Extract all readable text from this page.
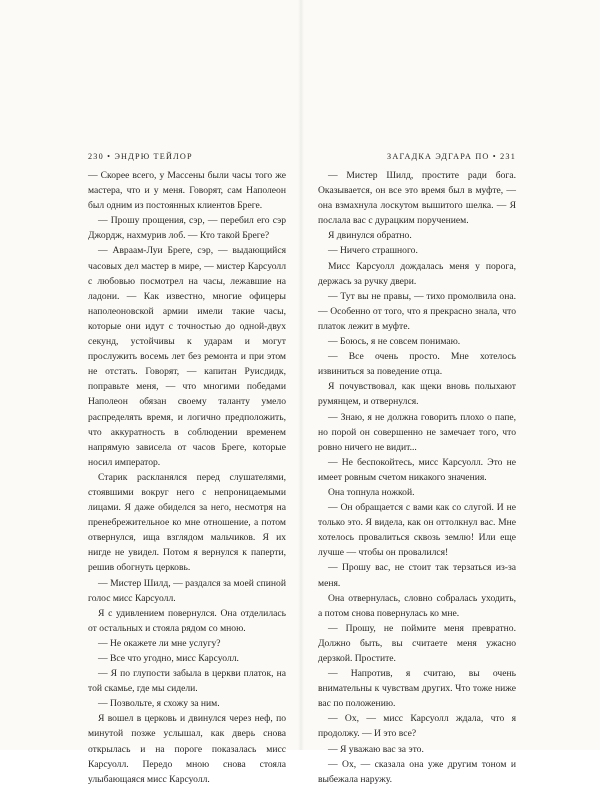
230 • ЭНДРЮ ТЕЙЛОР

— Скорее всего, у Массены были часы того же мастера, что и у меня. Говорят, сам Наполеон был одним из постоянных клиентов Бреге.

— Прошу прощения, сэр, — перебил его сэр Джордж, нахмурив лоб. — Кто такой Бреге?

— Авраам-Луи Бреге, сэр, — выдающийся часовых дел мастер в мире, — мистер Карсуолл с любовью посмотрел на часы, лежавшие на ладони. — Как известно, многие офицеры наполеоновской армии имели такие часы, которые они идут с точностью до одной-двух секунд, устойчивы к ударам и могут прослужить восемь лет без ремонта и при этом не отстать. Говорят, — капитан Руисдидк, поправьте меня, — что многими победами Наполеон обязан своему таланту умело распределять время, и логично предположить, что аккуратность в соблюдении временем напрямую зависела от часов Бреге, которые носил император.

Старик раскланялся перед слушателями, стоявшими вокруг него с непроницаемыми лицами. Я даже обиделся за него, несмотря на пренебрежительное ко мне отношение, а потом отвернулся, ища взглядом мальчиков. Я их нигде не увидел. Потом я вернулся к паперти, решив обогнуть церковь.

— Мистер Шилд, — раздался за моей спиной голос мисс Карсуолл.

Я с удивлением повернулся. Она отделилась от остальных и стояла рядом со мною.

— Не окажете ли мне услугу?

— Все что угодно, мисс Карсуолл.

— Я по глупости забыла в церкви платок, на той скамье, где мы сидели.

— Позвольте, я схожу за ним.

Я вошел в церковь и двинулся через неф, по минутой позже услышал, как дверь снова открылась и на пороге показалась мисс Карсуолл. Передо мною снова стояла улыбающаяся мисс Карсуолл.

ЗАГАДКА ЭДГАРА ПО • 231

— Мистер Шилд, простите ради бога. Оказывается, он все это время был в муфте, — она взмахнула лоскутом вышитого шелка. — Я послала вас с дурацким поручением.

Я двинулся обратно.

— Ничего страшного.

Мисс Карсуолл дождалась меня у порога, держась за ручку двери.

— Тут вы не правы, — тихо промолвила она. — Особенно от того, что я прекрасно знала, что платок лежит в муфте.

— Боюсь, я не совсем понимаю.

— Все очень просто. Мне хотелось извиниться за поведение отца.

Я почувствовал, как щеки вновь полыхают румянцем, и отвернулся.

— Знаю, я не должна говорить плохо о папе, но порой он совершенно не замечает того, что ровно ничего не видит...

— Не беспокойтесь, мисс Карсуолл. Это не имеет ровным счетом никакого значения.

Она топнула ножкой.

— Он обращается с вами как со слугой. И не только это. Я видела, как он оттолкнул вас. Мне хотелось провалиться сквозь землю! Или еще лучше — чтобы он провалился!

— Прошу вас, не стоит так терзаться из-за меня.

Она отвернулась, словно собралась уходить, а потом снова повернулась ко мне.

— Прошу, не поймите меня превратно. Должно быть, вы считаете меня ужасно дерзкой. Простите.

— Напротив, я считаю, вы очень внимательны к чувствам других. Что тоже ниже вас по положению.

— Ох, — мисс Карсуолл ждала, что я продолжу. — И это все?

— Я уважаю вас за это.

— Ох, — сказала она уже другим тоном и выбежала наружу.
